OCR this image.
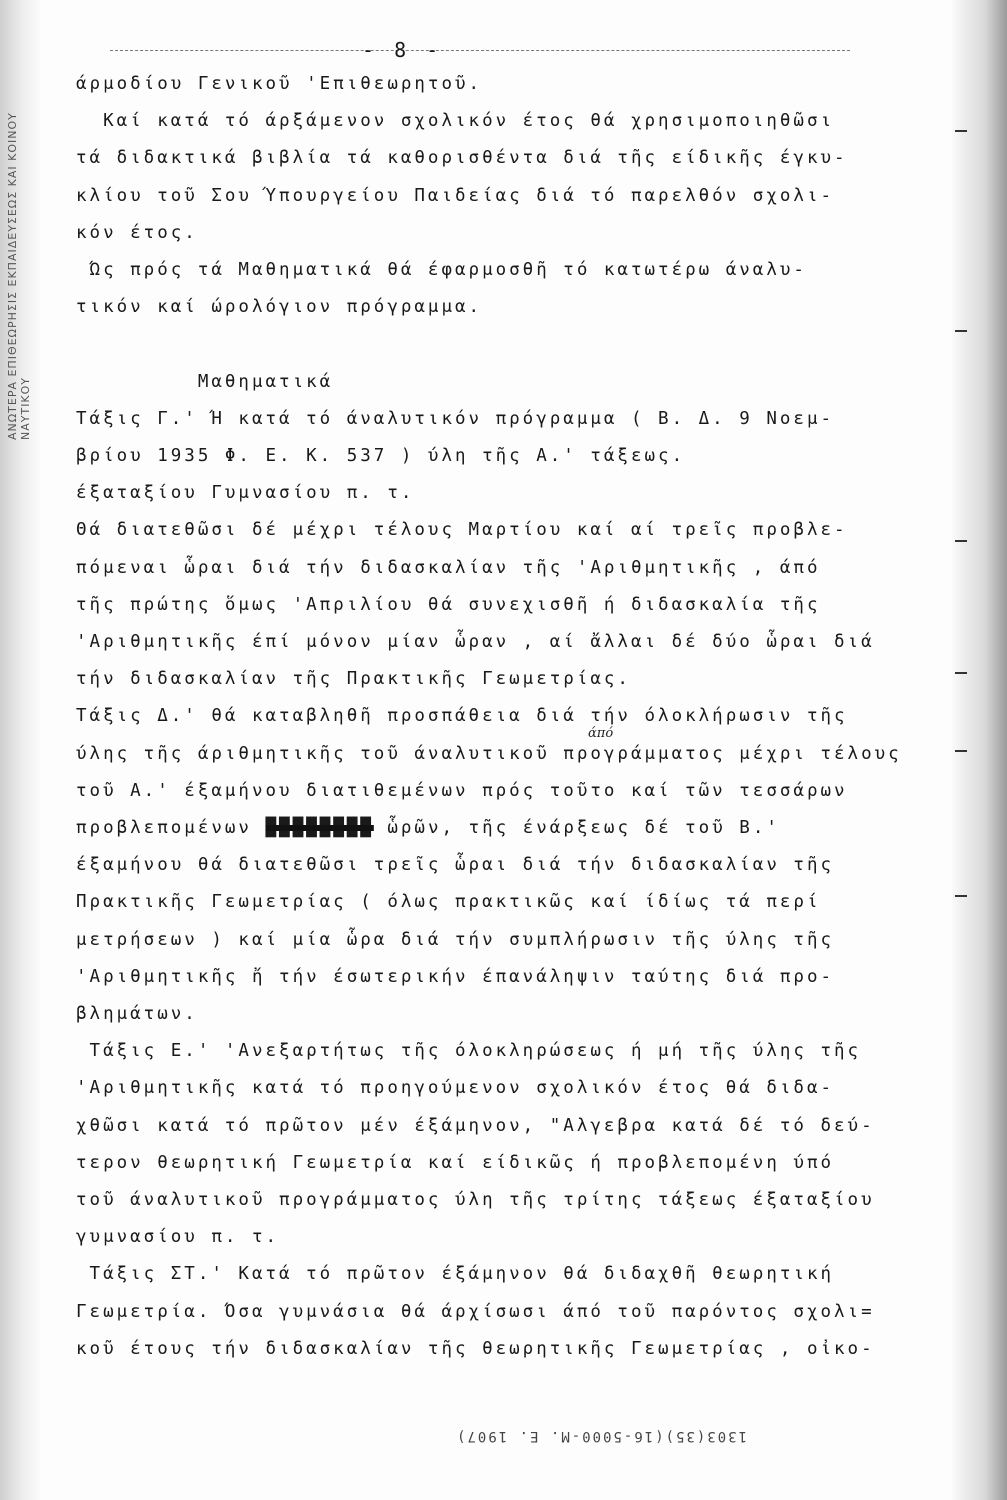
ΑΝΩΤΕΡΑ ΕΠΙΘΕΩΡΗΣΙΣ ΕΚΠΑΙΔΕΥΣΕΩΣ ΚΑΙ ΚΟΙΝΟΥ ΝΑΥΤΙΚΟΥ
- 8 -
άρμοδίου Γενικοῦ 'Επιθεωρητοῦ.
Καί κατά τό άρξάμενον σχολικόν έτος θά χρησιμοποιηθῶσι
τά διδακτικά βιβλία τά καθορισθέντα διά τῆς είδικῆς έγκυ-
κλίου τοῦ Σου Ύπουργείου Παιδείας διά τό παρελθόν σχολι-
κόν έτος.
Ώς πρός τά Μαθηματικά θά έφαρμοσθῆ τό κατωτέρω άναλυ-
τικόν καί ώρολόγιον πρόγραμμα.
Μαθηματικά
Τάξις Γ.' Ή κατά τό άναλυτικόν πρόγραμμα ( Β. Δ. 9 Νοεμ-
βρίου 1935 Φ. Ε. Κ. 537 ) ύλη τῆς Α.' τάξεως.
έξαταξίου Γυμνασίου π. τ.
Θά διατεθῶσι δέ μέχρι τέλους Μαρτίου καί αί τρεῖς προβλε-
πόμεναι ὧραι διά τήν διδασκαλίαν τῆς 'Αριθμητικῆς , άπό
τῆς πρώτης ὅμως 'Απριλίου θά συνεχισθῆ ή διδασκαλία τῆς
'Αριθμητικῆς έπί μόνον μίαν ὧραν , αί ἄλλαι δέ δύο ὧραι διά
τήν διδασκαλίαν τῆς Πρακτικῆς Γεωμετρίας.
Τάξις Δ.' θά καταβληθῆ προσπάθεια διά τήν όλοκλήρωσιν τῆς
ύλης τῆς άριθμητικῆς τοῦ άναλυτικοῦ προγράμματος μέχρι τέλους
τοῦ Α.' έξαμήνου διατιθεμένων πρός τοῦτο καί τῶν τεσσάρων
προβλεπομένων ████████ ὧρῶν, τῆς ένάρξεως δέ τοῦ Β.'
έξαμήνου θά διατεθῶσι τρεῖς ὧραι διά τήν διδασκαλίαν τῆς
Πρακτικῆς Γεωμετρίας ( όλως πρακτικῶς καί ίδίως τά περί
μετρήσεων ) καί μία ὧρα διά τήν συμπλήρωσιν τῆς ύλης τῆς
'Αριθμητικῆς ἤ τήν έσωτερικήν έπανάληψιν ταύτης διά προ-
βλημάτων.
Τάξις Ε.' 'Ανεξαρτήτως τῆς όλοκληρώσεως ή μή τῆς ύλης τῆς
'Αριθμητικῆς κατά τό προηγούμενον σχολικόν έτος θά διδα-
χθῶσι κατά τό πρῶτον μέν έξάμηνον, "Αλγεβρα κατά δέ τό δεύ-
τερον θεωρητική Γεωμετρία καί είδικῶς ή προβλεπομένη ύπό
τοῦ άναλυτικοῦ προγράμματος ύλη τῆς τρίτης τάξεως έξαταξίου
γυμνασίου π. τ.
Τάξις ΣΤ.' Κατά τό πρῶτον έξάμηνον θά διδαχθῆ θεωρητική
Γεωμετρία. Όσα γυμνάσια θά άρχίσωσι άπό τοῦ παρόντος σχολι=
κοῦ έτους τήν διδασκαλίαν τῆς θεωρητικῆς Γεωμετρίας , οἰκο-
άπό
1303(35)(16-5000-Μ. Ε. 1907)
